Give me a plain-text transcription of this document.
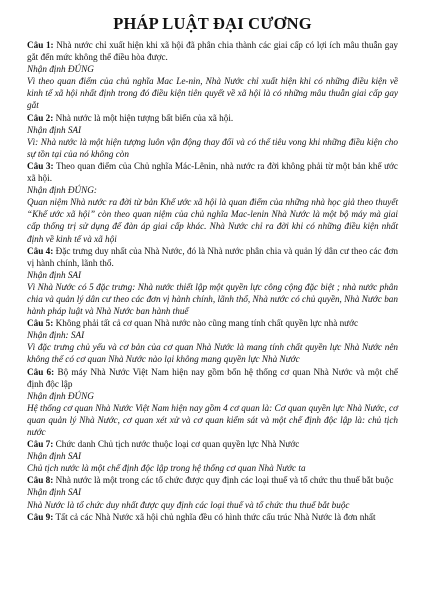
PHÁP LUẬT ĐẠI CƯƠNG

Câu 1: Nhà nước chỉ xuất hiện khi xã hội đã phân chia thành các giai cấp có lợi ích mâu thuẫn gay gắt đến mức không thể điều hòa được.

Nhận định ĐÚNG

Vì theo quan điểm của chủ nghĩa Mac Le-nin, Nhà Nước chỉ xuất hiện khi có những điều kiện về kinh tế xã hội nhất định trong đó điều kiện tiên quyết về xã hội là có những mâu thuẫn giai cấp gay gắt

Câu 2: Nhà nước là một hiện tượng bất biến của xã hội.

Nhận định SAI

Vì: Nhà nước là một hiện tượng luôn vận động thay đổi và có thể tiêu vong khi những điều kiện cho sự tồn tại của nó không còn

Câu 3: Theo quan điểm của Chủ nghĩa Mác-Lênin, nhà nước ra đời không phải từ một bản khế ước xã hội.

Nhận định ĐÚNG:

Quan niệm Nhà nước ra đời từ bản Khế ước xã hội là quan điểm của những nhà học giả theo thuyết “Khế ước xã hội” còn theo quan niệm của chủ nghĩa Mac-lenin Nhà Nước là một bộ máy mà giai cấp thống trị sử dụng để đàn áp giai cấp khác. Nhà Nước chỉ ra đời khi có những điều kiện nhất định về kinh tế và xã hội

Câu 4: Đặc trưng duy nhất của Nhà Nước, đó là Nhà nước phân chia và quản lý dân cư theo các đơn vị hành chính, lãnh thổ.

Nhận định SAI

Vì Nhà Nước có 5 đặc trưng: Nhà nước thiết lập một quyền lực công cộng đặc biệt ; nhà nước phân chia và quản lý dân cư theo các đơn vị hành chính, lãnh thổ, Nhà nước có chủ quyền, Nhà Nước ban hành pháp luật và Nhà Nước ban hành thuế

Câu 5: Không phải tất cả cơ quan Nhà nước nào cũng mang tính chất quyền lực nhà nước

Nhận định: SAI

Vì đặc trưng chủ yếu và cơ bản của cơ quan Nhà Nước là mang tính chất quyền lực Nhà Nước nên không thể có cơ quan Nhà Nước nào lại không mang quyền lực Nhà Nước

Câu 6: Bộ máy Nhà Nước Việt Nam hiện nay gồm bốn hệ thống cơ quan Nhà Nước và một chế định độc lập

Nhận định ĐÚNG

Hệ thống cơ quan Nhà Nước Việt Nam hiện nay gồm 4 cơ quan là: Cơ quan quyền lực Nhà Nước, cơ quan quản lý Nhà Nước, cơ quan xét xử và cơ quan kiểm sát và một chế định độc lập là: chủ tịch nước

Câu 7: Chức danh Chủ tịch nước thuộc loại cơ quan quyền lực Nhà Nước

Nhận định SAI

Chủ tịch nước là một chế định độc lập trong hệ thống cơ quan Nhà Nước ta

Câu 8: Nhà nước là một trong các tổ chức được quy định các loại thuế và tổ chức thu thuế bắt buộc

Nhận định SAI

Nhà Nước là tổ chức duy nhất được quy định các loại thuế và tổ chức thu thuế bắt buộc

Câu 9: Tất cả các Nhà Nước xã hội chủ nghĩa đều có hình thức cấu trúc Nhà Nước là đơn nhất
